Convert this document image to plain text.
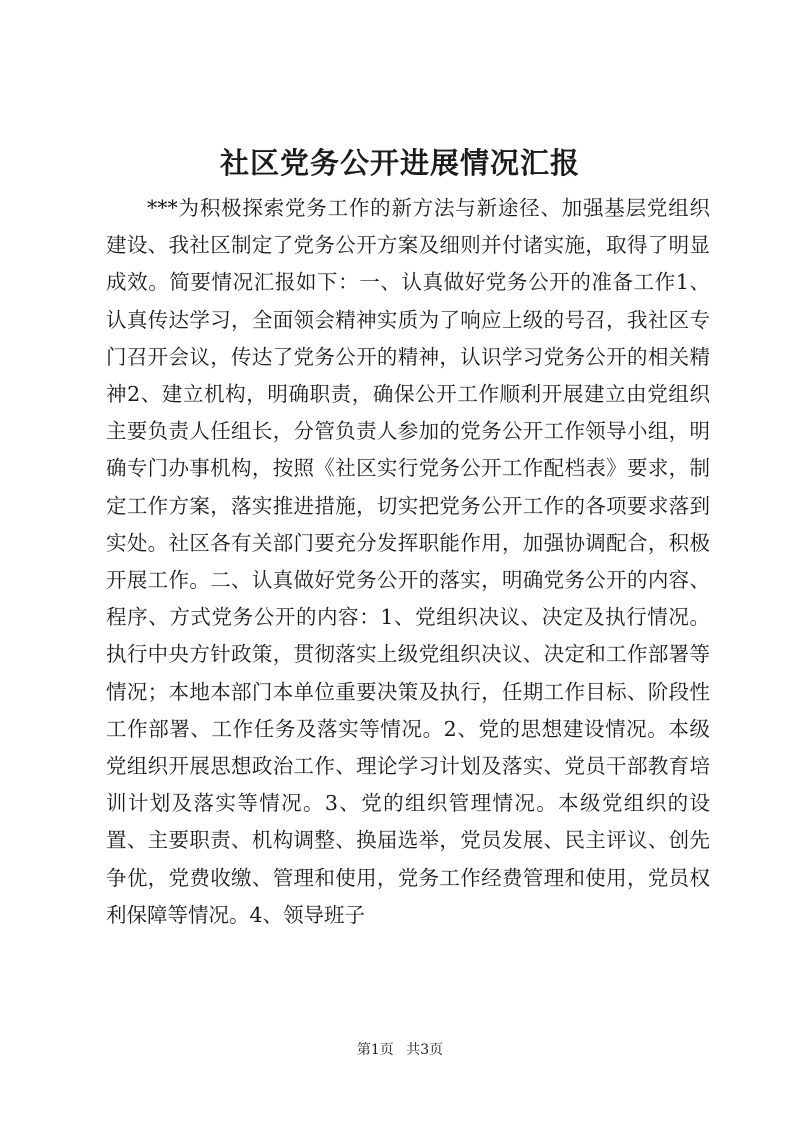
社区党务公开进展情况汇报

***为积极探索党务工作的新方法与新途径、加强基层党组织建设、我社区制定了党务公开方案及细则并付诸实施，取得了明显成效。简要情况汇报如下：一、认真做好党务公开的准备工作1、认真传达学习，全面领会精神实质为了响应上级的号召，我社区专门召开会议，传达了党务公开的精神，认识学习党务公开的相关精神2、建立机构，明确职责，确保公开工作顺利开展建立由党组织主要负责人任组长，分管负责人参加的党务公开工作领导小组，明确专门办事机构，按照《社区实行党务公开工作配档表》要求，制定工作方案，落实推进措施，切实把党务公开工作的各项要求落到实处。社区各有关部门要充分发挥职能作用，加强协调配合，积极开展工作。二、认真做好党务公开的落实，明确党务公开的内容、程序、方式党务公开的内容：1、党组织决议、决定及执行情况。执行中央方针政策，贯彻落实上级党组织决议、决定和工作部署等情况；本地本部门本单位重要决策及执行，任期工作目标、阶段性工作部署、工作任务及落实等情况。2、党的思想建设情况。本级党组织开展思想政治工作、理论学习计划及落实、党员干部教育培训计划及落实等情况。3、党的组织管理情况。本级党组织的设置、主要职责、机构调整、换届选举，党员发展、民主评议、创先争优，党费收缴、管理和使用，党务工作经费管理和使用，党员权利保障等情况。4、领导班子

第1页 共3页
